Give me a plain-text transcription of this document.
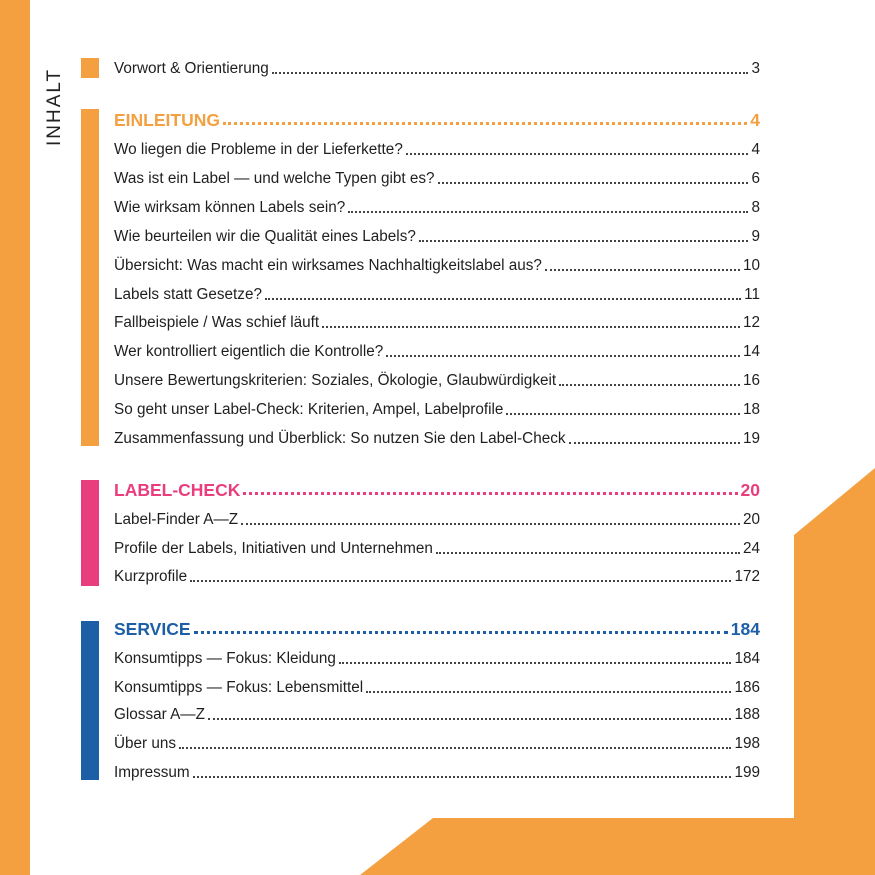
INHALT	Vorwort & Orientierung	3
EINLEITUNG	4
Wo liegen die Probleme in der Lieferkette?	4
Was ist ein Label — und welche Typen gibt es?	6
Wie wirksam können Labels sein?	8
Wie beurteilen wir die Qualität eines Labels?	9
Übersicht: Was macht ein wirksames Nachhaltigkeitslabel aus?	10
Labels statt Gesetze?	11
Fallbeispiele / Was schief läuft	12
Wer kontrolliert eigentlich die Kontrolle?	14
Unsere Bewertungskriterien: Soziales, Ökologie, Glaubwürdigkeit	16
So geht unser Label-Check: Kriterien, Ampel, Labelprofile	18
Zusammenfassung und Überblick: So nutzen Sie den Label-Check	19
LABEL-CHECK	20
Label-Finder A—Z	20
Profile der Labels, Initiativen und Unternehmen	24
Kurzprofile	172
SERVICE	184
Konsumtipps — Fokus: Kleidung	184
Konsumtipps — Fokus: Lebensmittel	186
Glossar A—Z	188
Über uns	198
Impressum	199
